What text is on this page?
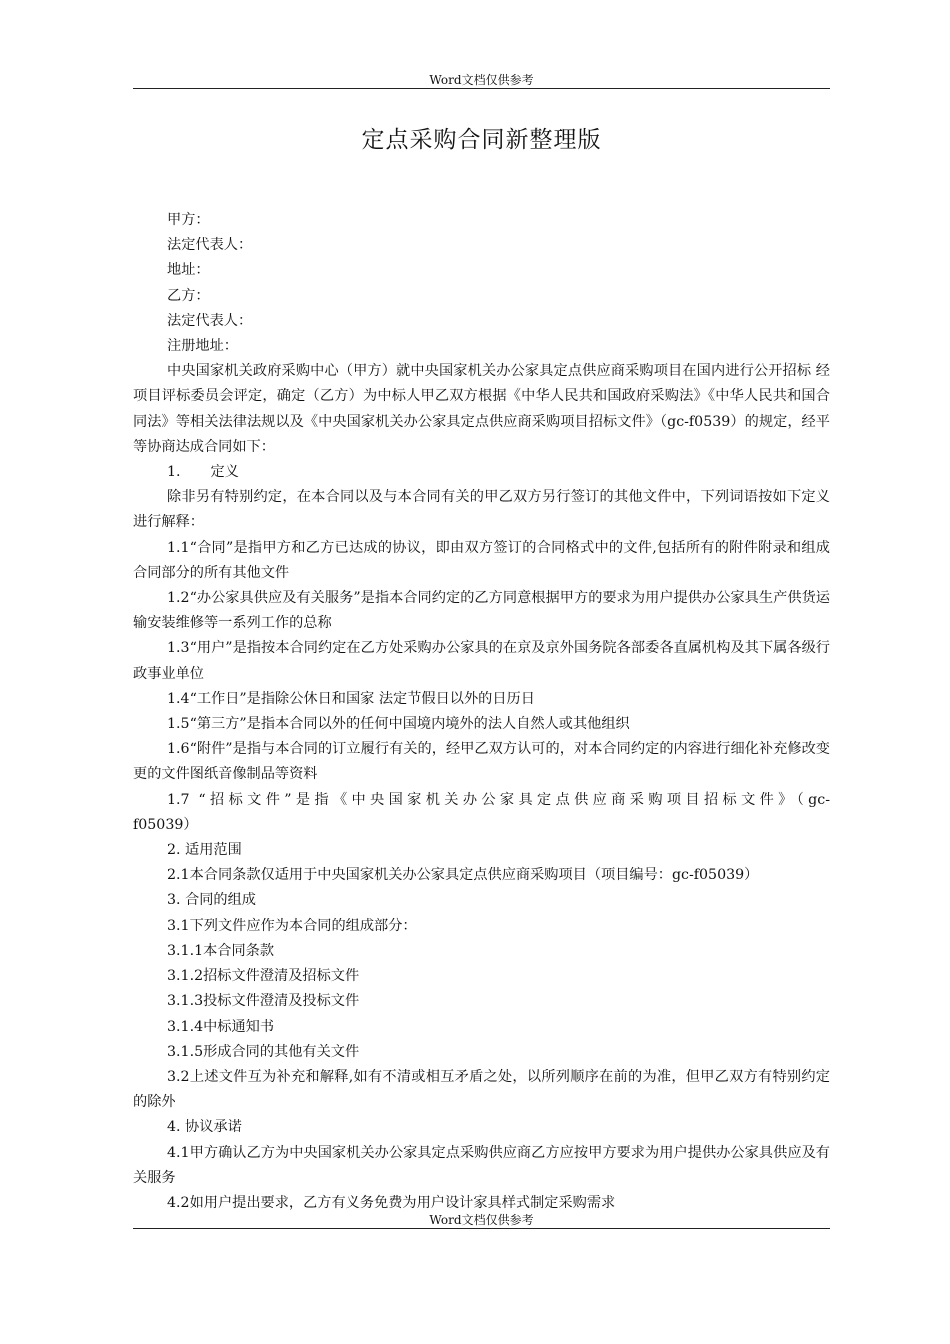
Word文档仅供参考
定点采购合同新整理版

甲方：

法定代表人：

地址：

乙方：

法定代表人：

注册地址：

中央国家机关政府采购中心（甲方）就中央国家机关办公家具定点供应商采购项目在国内进行公开招标 经项目评标委员会评定，确定（乙方）为中标人甲乙双方根据《中华人民共和国政府采购法》《中华人民共和国合同法》等相关法律法规以及《中央国家机关办公家具定点供应商采购项目招标文件》（gc-f0539）的规定，经平等协商达成合同如下：

1. 定义

除非另有特别约定，在本合同以及与本合同有关的甲乙双方另行签订的其他文件中，下列词语按如下定义进行解释：

1.1“合同”是指甲方和乙方已达成的协议，即由双方签订的合同格式中的文件,包括所有的附件附录和组成合同部分的所有其他文件

1.2“办公家具供应及有关服务”是指本合同约定的乙方同意根据甲方的要求为用户提供办公家具生产供货运输安装维修等一系列工作的总称

1.3“用户”是指按本合同约定在乙方处采购办公家具的在京及京外国务院各部委各直属机构及其下属各级行政事业单位

1.4“工作日”是指除公休日和国家 法定节假日以外的日历日

1.5“第三方”是指本合同以外的任何中国境内境外的法人自然人或其他组织

1.6“附件”是指与本合同的订立履行有关的，经甲乙双方认可的，对本合同约定的内容进行细化补充修改变更的文件图纸音像制品等资料

1.7 “招标文件”是指《中央国家机关办公家具定点供应商采购项目招标文件》（gc-

f05039）

2. 适用范围

2.1本合同条款仅适用于中央国家机关办公家具定点供应商采购项目（项目编号：gc-f05039）

3. 合同的组成

3.1下列文件应作为本合同的组成部分：

3.1.1本合同条款

3.1.2招标文件澄清及招标文件

3.1.3投标文件澄清及投标文件

3.1.4中标通知书

3.1.5形成合同的其他有关文件

3.2上述文件互为补充和解释,如有不清或相互矛盾之处，以所列顺序在前的为准，但甲乙双方有特别约定的除外

4. 协议承诺

4.1甲方确认乙方为中央国家机关办公家具定点采购供应商乙方应按甲方要求为用户提供办公家具供应及有关服务

4.2如用户提出要求，乙方有义务免费为用户设计家具样式制定采购需求

Word文档仅供参考
